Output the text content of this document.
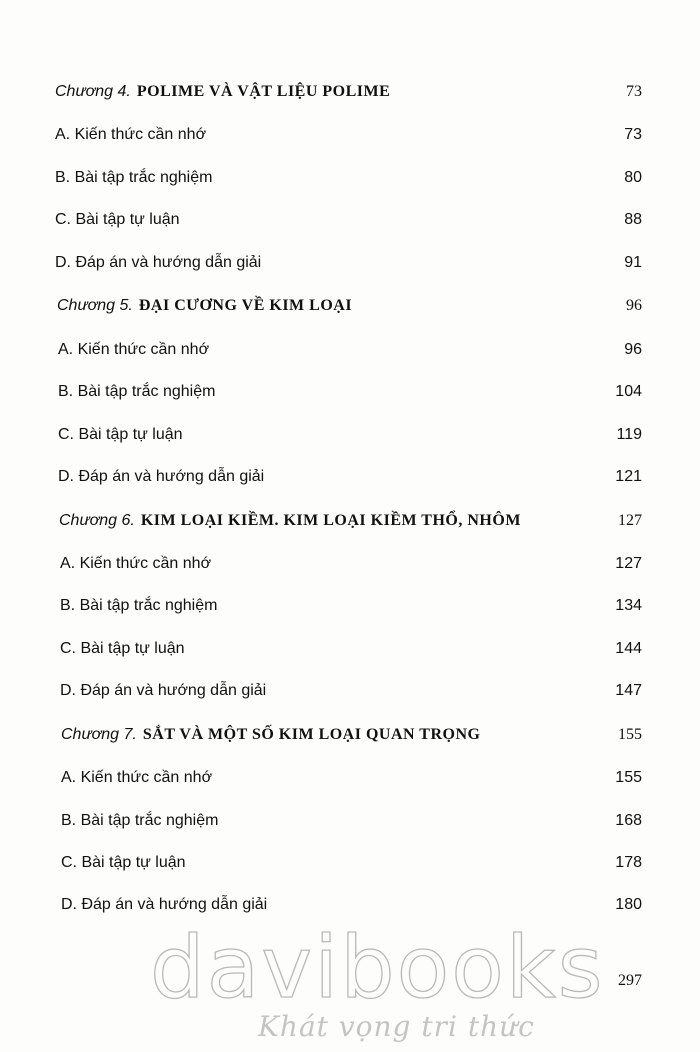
Chương 4. POLIME VÀ VẬT LIỆU POLIME	73
A. Kiến thức cần nhớ	73
B. Bài tập trắc nghiệm	80
C. Bài tập tự luận	88
D. Đáp án và hướng dẫn giải	91
Chương 5. ĐẠI CƯƠNG VỀ KIM LOẠI	96
A. Kiến thức cần nhớ	96
B. Bài tập trắc nghiệm	104
C. Bài tập tự luận	119
D. Đáp án và hướng dẫn giải	121
Chương 6. KIM LOẠI KIỀM. KIM LOẠI KIỀM THỔ, NHÔM	127
A. Kiến thức cần nhớ	127
B. Bài tập trắc nghiệm	134
C. Bài tập tự luận	144
D. Đáp án và hướng dẫn giải	147
Chương 7. SẮT VÀ MỘT SỐ KIM LOẠI QUAN TRỌNG	155
A. Kiến thức cần nhớ	155
B. Bài tập trắc nghiệm	168
C. Bài tập tự luận	178
D. Đáp án và hướng dẫn giải	180
davibooks 297
Khát vọng tri thức
